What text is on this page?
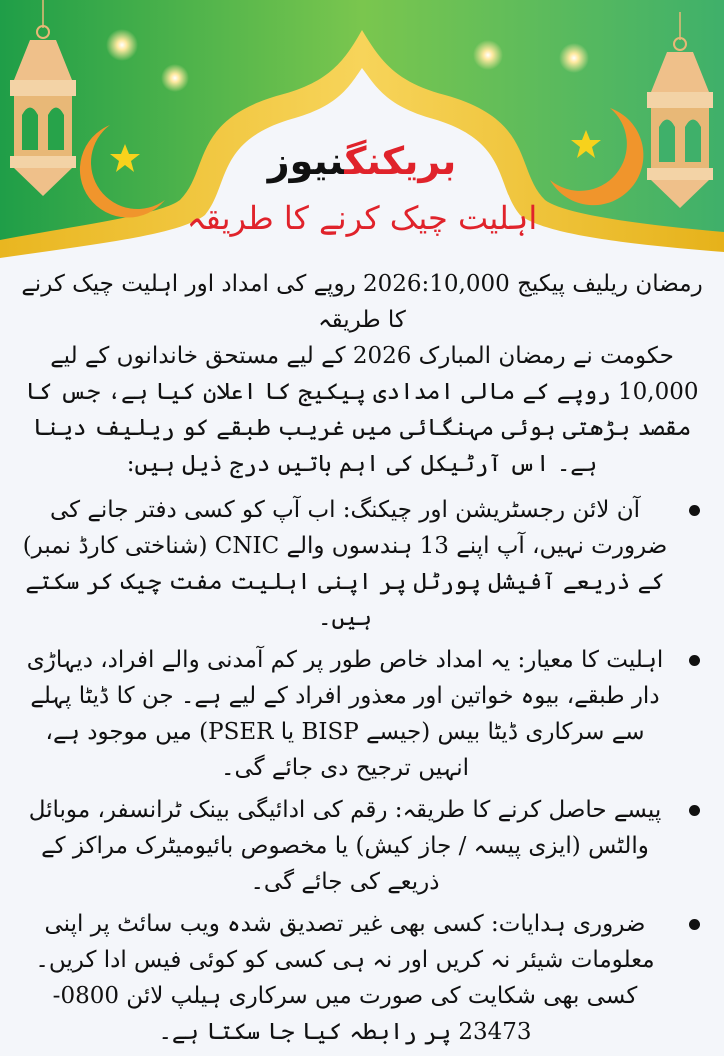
بریکنگنیوز
اہلیت چیک کرنے کا طریقہ

رمضان ریلیف پیکیج 2026:10,000 روپے کی امداد اور اہلیت چیک کرنے کا طریقہ

حکومت نے رمضان المبارک 2026 کے لیے مستحق خاندانوں کے لیے 10,000 روپے کے مالی امدادی پیکیج کا اعلان کیا ہے، جس کا مقصد بڑھتی ہوئی مہنگائی میں غریب طبقے کو ریلیف دینا ہے۔ اس آرٹیکل کی اہم باتیں درج ذیل ہیں:

آن لائن رجسٹریشن اور چیکنگ: اب آپ کو کسی دفتر جانے کی ضرورت نہیں، آپ اپنے 13 ہندسوں والے CNIC (شناختی کارڈ نمبر) کے ذریعے آفیشل پورٹل پر اپنی اہلیت مفت چیک کر سکتے ہیں۔
اہلیت کا معیار: یہ امداد خاص طور پر کم آمدنی والے افراد، دیہاڑی دار طبقے، بیوہ خواتین اور معذور افراد کے لیے ہے۔ جن کا ڈیٹا پہلے سے سرکاری ڈیٹا بیس (جیسے BISP یا PSER) میں موجود ہے، انہیں ترجیح دی جائے گی۔
پیسے حاصل کرنے کا طریقہ: رقم کی ادائیگی بینک ٹرانسفر، موبائل والٹس (ایزی پیسہ / جاز کیش) یا مخصوص بائیومیٹرک مراکز کے ذریعے کی جائے گی۔
ضروری ہدایات: کسی بھی غیر تصدیق شدہ ویب سائٹ پر اپنی معلومات شیئر نہ کریں اور نہ ہی کسی کو کوئی فیس ادا کریں۔ کسی بھی شکایت کی صورت میں سرکاری ہیلپ لائن 0800-23473 پر رابطہ کیا جا سکتا ہے۔
